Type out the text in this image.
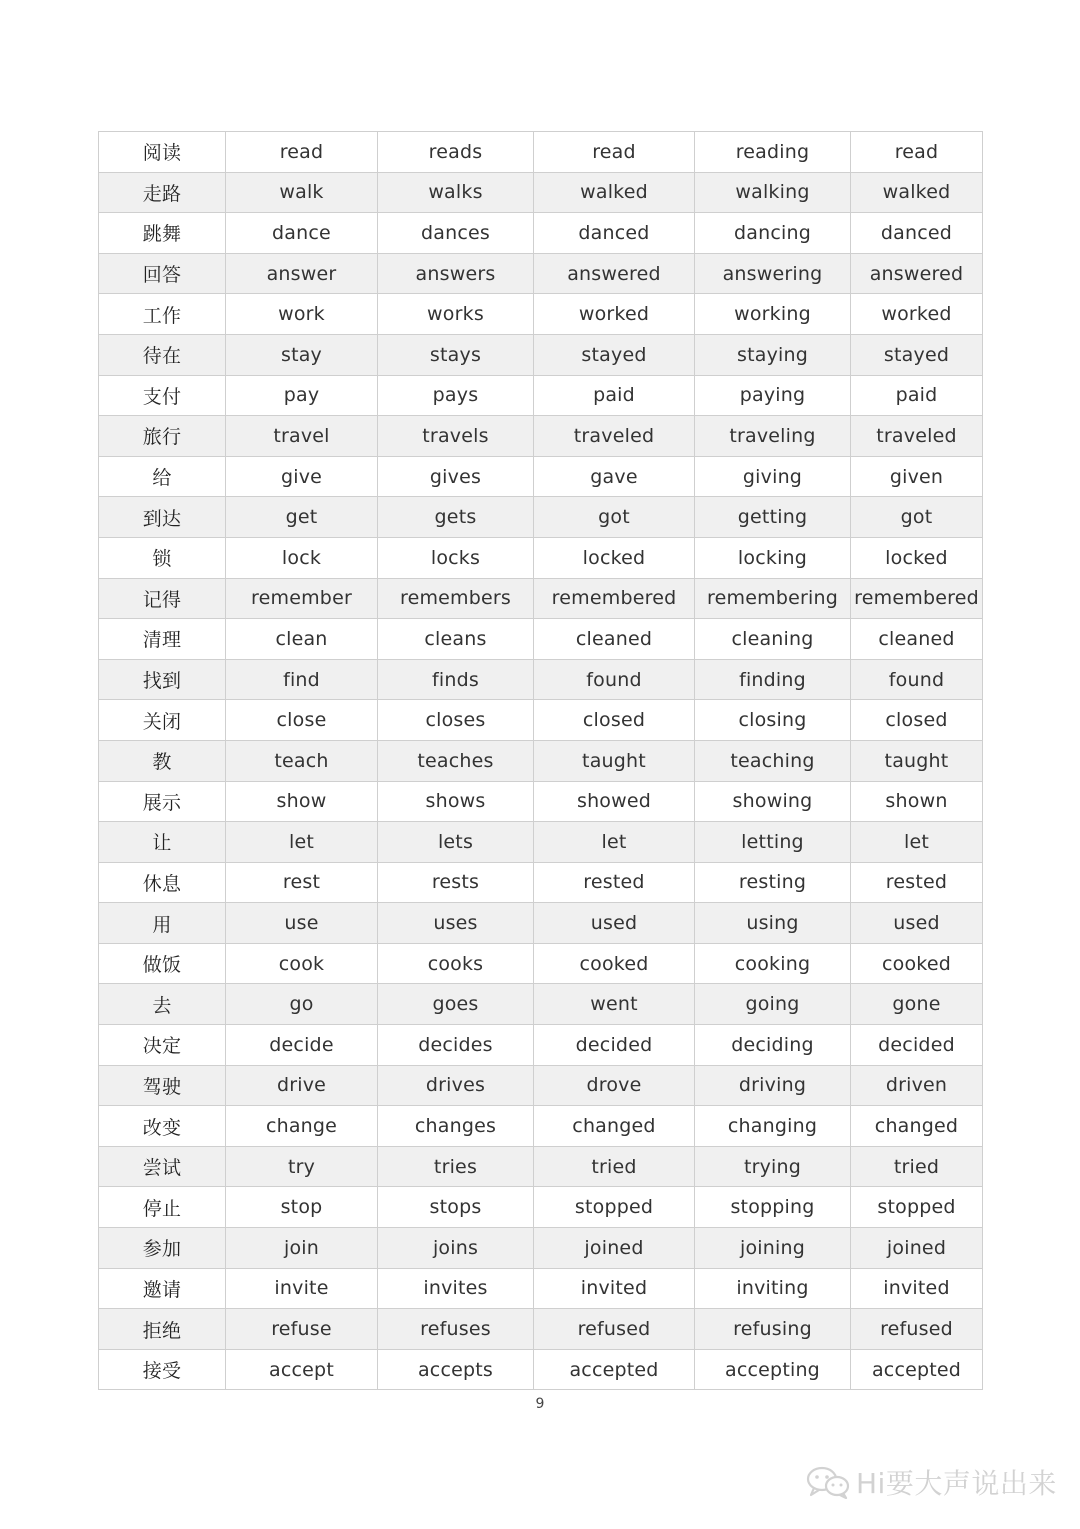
阅读	read	reads	read	reading	read
走路	walk	walks	walked	walking	walked
跳舞	dance	dances	danced	dancing	danced
回答	answer	answers	answered	answering	answered
工作	work	works	worked	working	worked
待在	stay	stays	stayed	staying	stayed
支付	pay	pays	paid	paying	paid
旅行	travel	travels	traveled	traveling	traveled
给	give	gives	gave	giving	given
到达	get	gets	got	getting	got
锁	lock	locks	locked	locking	locked
记得	remember	remembers	remembered	remembering	remembered
清理	clean	cleans	cleaned	cleaning	cleaned
找到	find	finds	found	finding	found
关闭	close	closes	closed	closing	closed
教	teach	teaches	taught	teaching	taught
展示	show	shows	showed	showing	shown
让	let	lets	let	letting	let
休息	rest	rests	rested	resting	rested
用	use	uses	used	using	used
做饭	cook	cooks	cooked	cooking	cooked
去	go	goes	went	going	gone
决定	decide	decides	decided	deciding	decided
驾驶	drive	drives	drove	driving	driven
改变	change	changes	changed	changing	changed
尝试	try	tries	tried	trying	tried
停止	stop	stops	stopped	stopping	stopped
参加	join	joins	joined	joining	joined
邀请	invite	invites	invited	inviting	invited
拒绝	refuse	refuses	refused	refusing	refused
接受	accept	accepts	accepted	accepting	accepted
9
Hi要大声说出来
